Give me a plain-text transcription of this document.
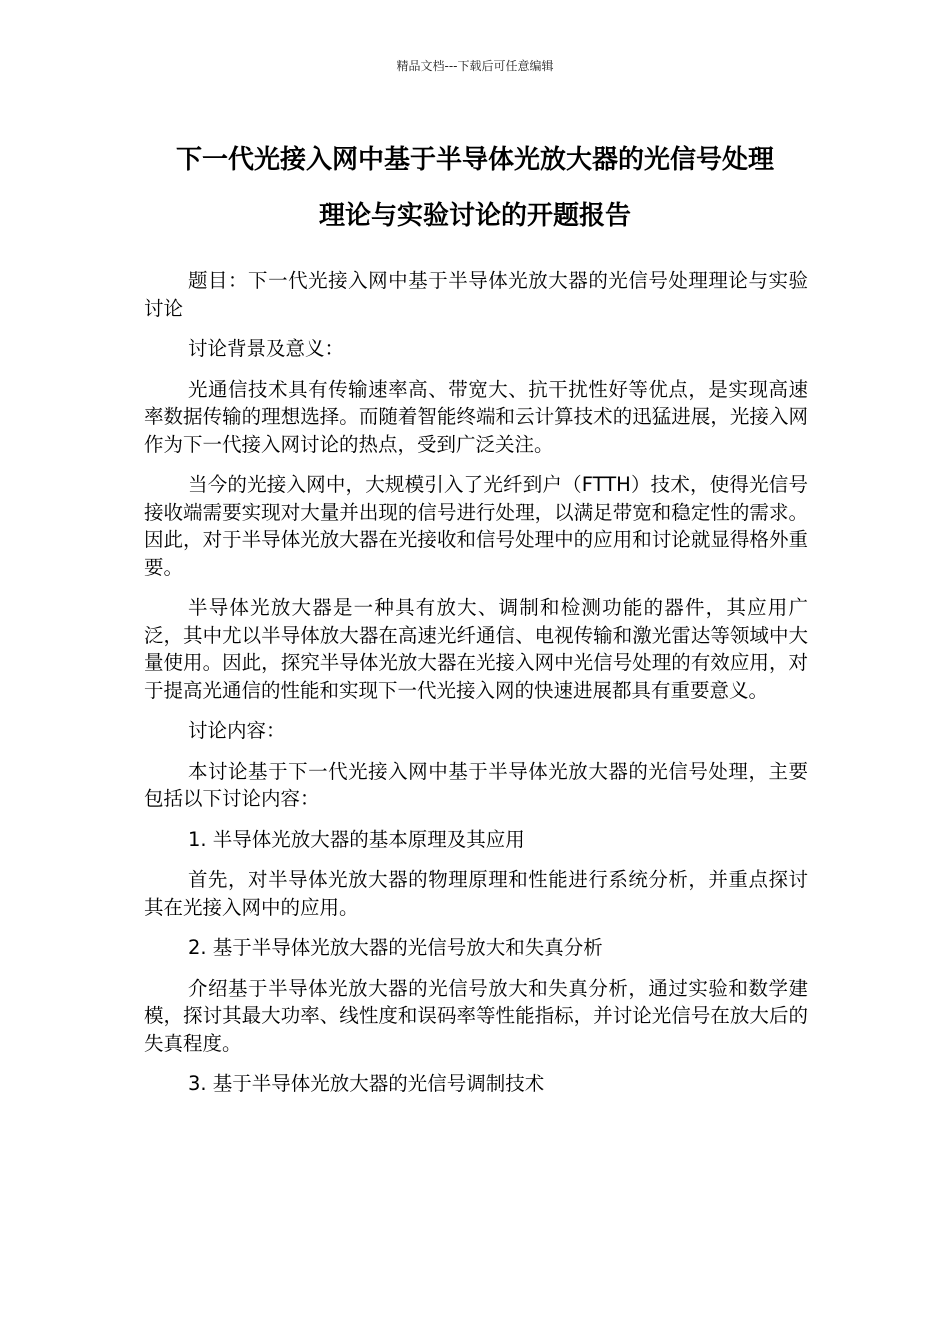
精品文档---下载后可任意编辑
下一代光接入网中基于半导体光放大器的光信号处理
理论与实验讨论的开题报告

题目：下一代光接入网中基于半导体光放大器的光信号处理理论与实验讨论

讨论背景及意义：

光通信技术具有传输速率高、带宽大、抗干扰性好等优点，是实现高速率数据传输的理想选择。而随着智能终端和云计算技术的迅猛进展，光接入网作为下一代接入网讨论的热点，受到广泛关注。

当今的光接入网中，大规模引入了光纤到户（FTTH）技术，使得光信号接收端需要实现对大量并出现的信号进行处理，以满足带宽和稳定性的需求。因此，对于半导体光放大器在光接收和信号处理中的应用和讨论就显得格外重要。

半导体光放大器是一种具有放大、调制和检测功能的器件，其应用广泛，其中尤以半导体放大器在高速光纤通信、电视传输和激光雷达等领域中大量使用。因此，探究半导体光放大器在光接入网中光信号处理的有效应用，对于提高光通信的性能和实现下一代光接入网的快速进展都具有重要意义。

讨论内容：

本讨论基于下一代光接入网中基于半导体光放大器的光信号处理，主要包括以下讨论内容：

1. 半导体光放大器的基本原理及其应用

首先，对半导体光放大器的物理原理和性能进行系统分析，并重点探讨其在光接入网中的应用。

2. 基于半导体光放大器的光信号放大和失真分析

介绍基于半导体光放大器的光信号放大和失真分析，通过实验和数学建模，探讨其最大功率、线性度和误码率等性能指标，并讨论光信号在放大后的失真程度。

3. 基于半导体光放大器的光信号调制技术
